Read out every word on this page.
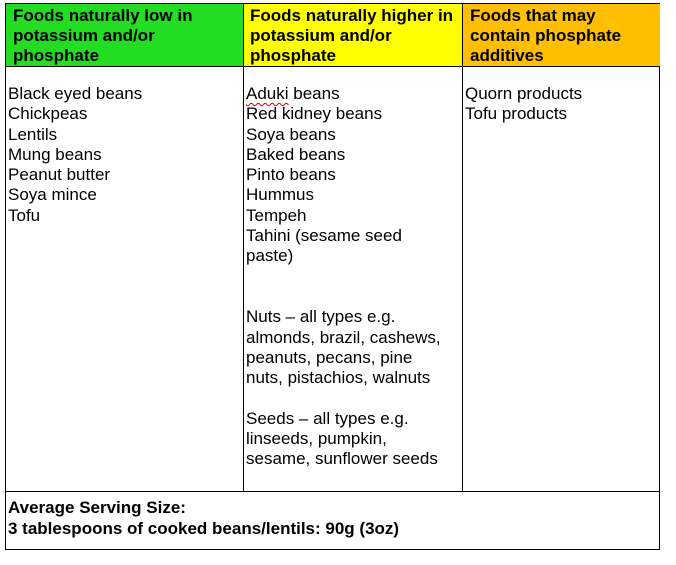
Foods naturally low in potassium and/or phosphate
Foods naturally higher in potassium and/or phosphate
Foods that may contain phosphate additives
Black eyed beans
Chickpeas
Lentils
Mung beans
Peanut butter
Soya mince
Tofu
Aduki beans
Red kidney beans
Soya beans
Baked beans
Pinto beans
Hummus
Tempeh
Tahini (sesame seed paste)
Nuts – all types e.g. almonds, brazil, cashews, peanuts, pecans, pine nuts, pistachios, walnuts
Seeds – all types e.g. linseeds, pumpkin, sesame, sunflower seeds
Quorn products
Tofu products
Average Serving Size:
3 tablespoons of cooked beans/lentils: 90g (3oz)
